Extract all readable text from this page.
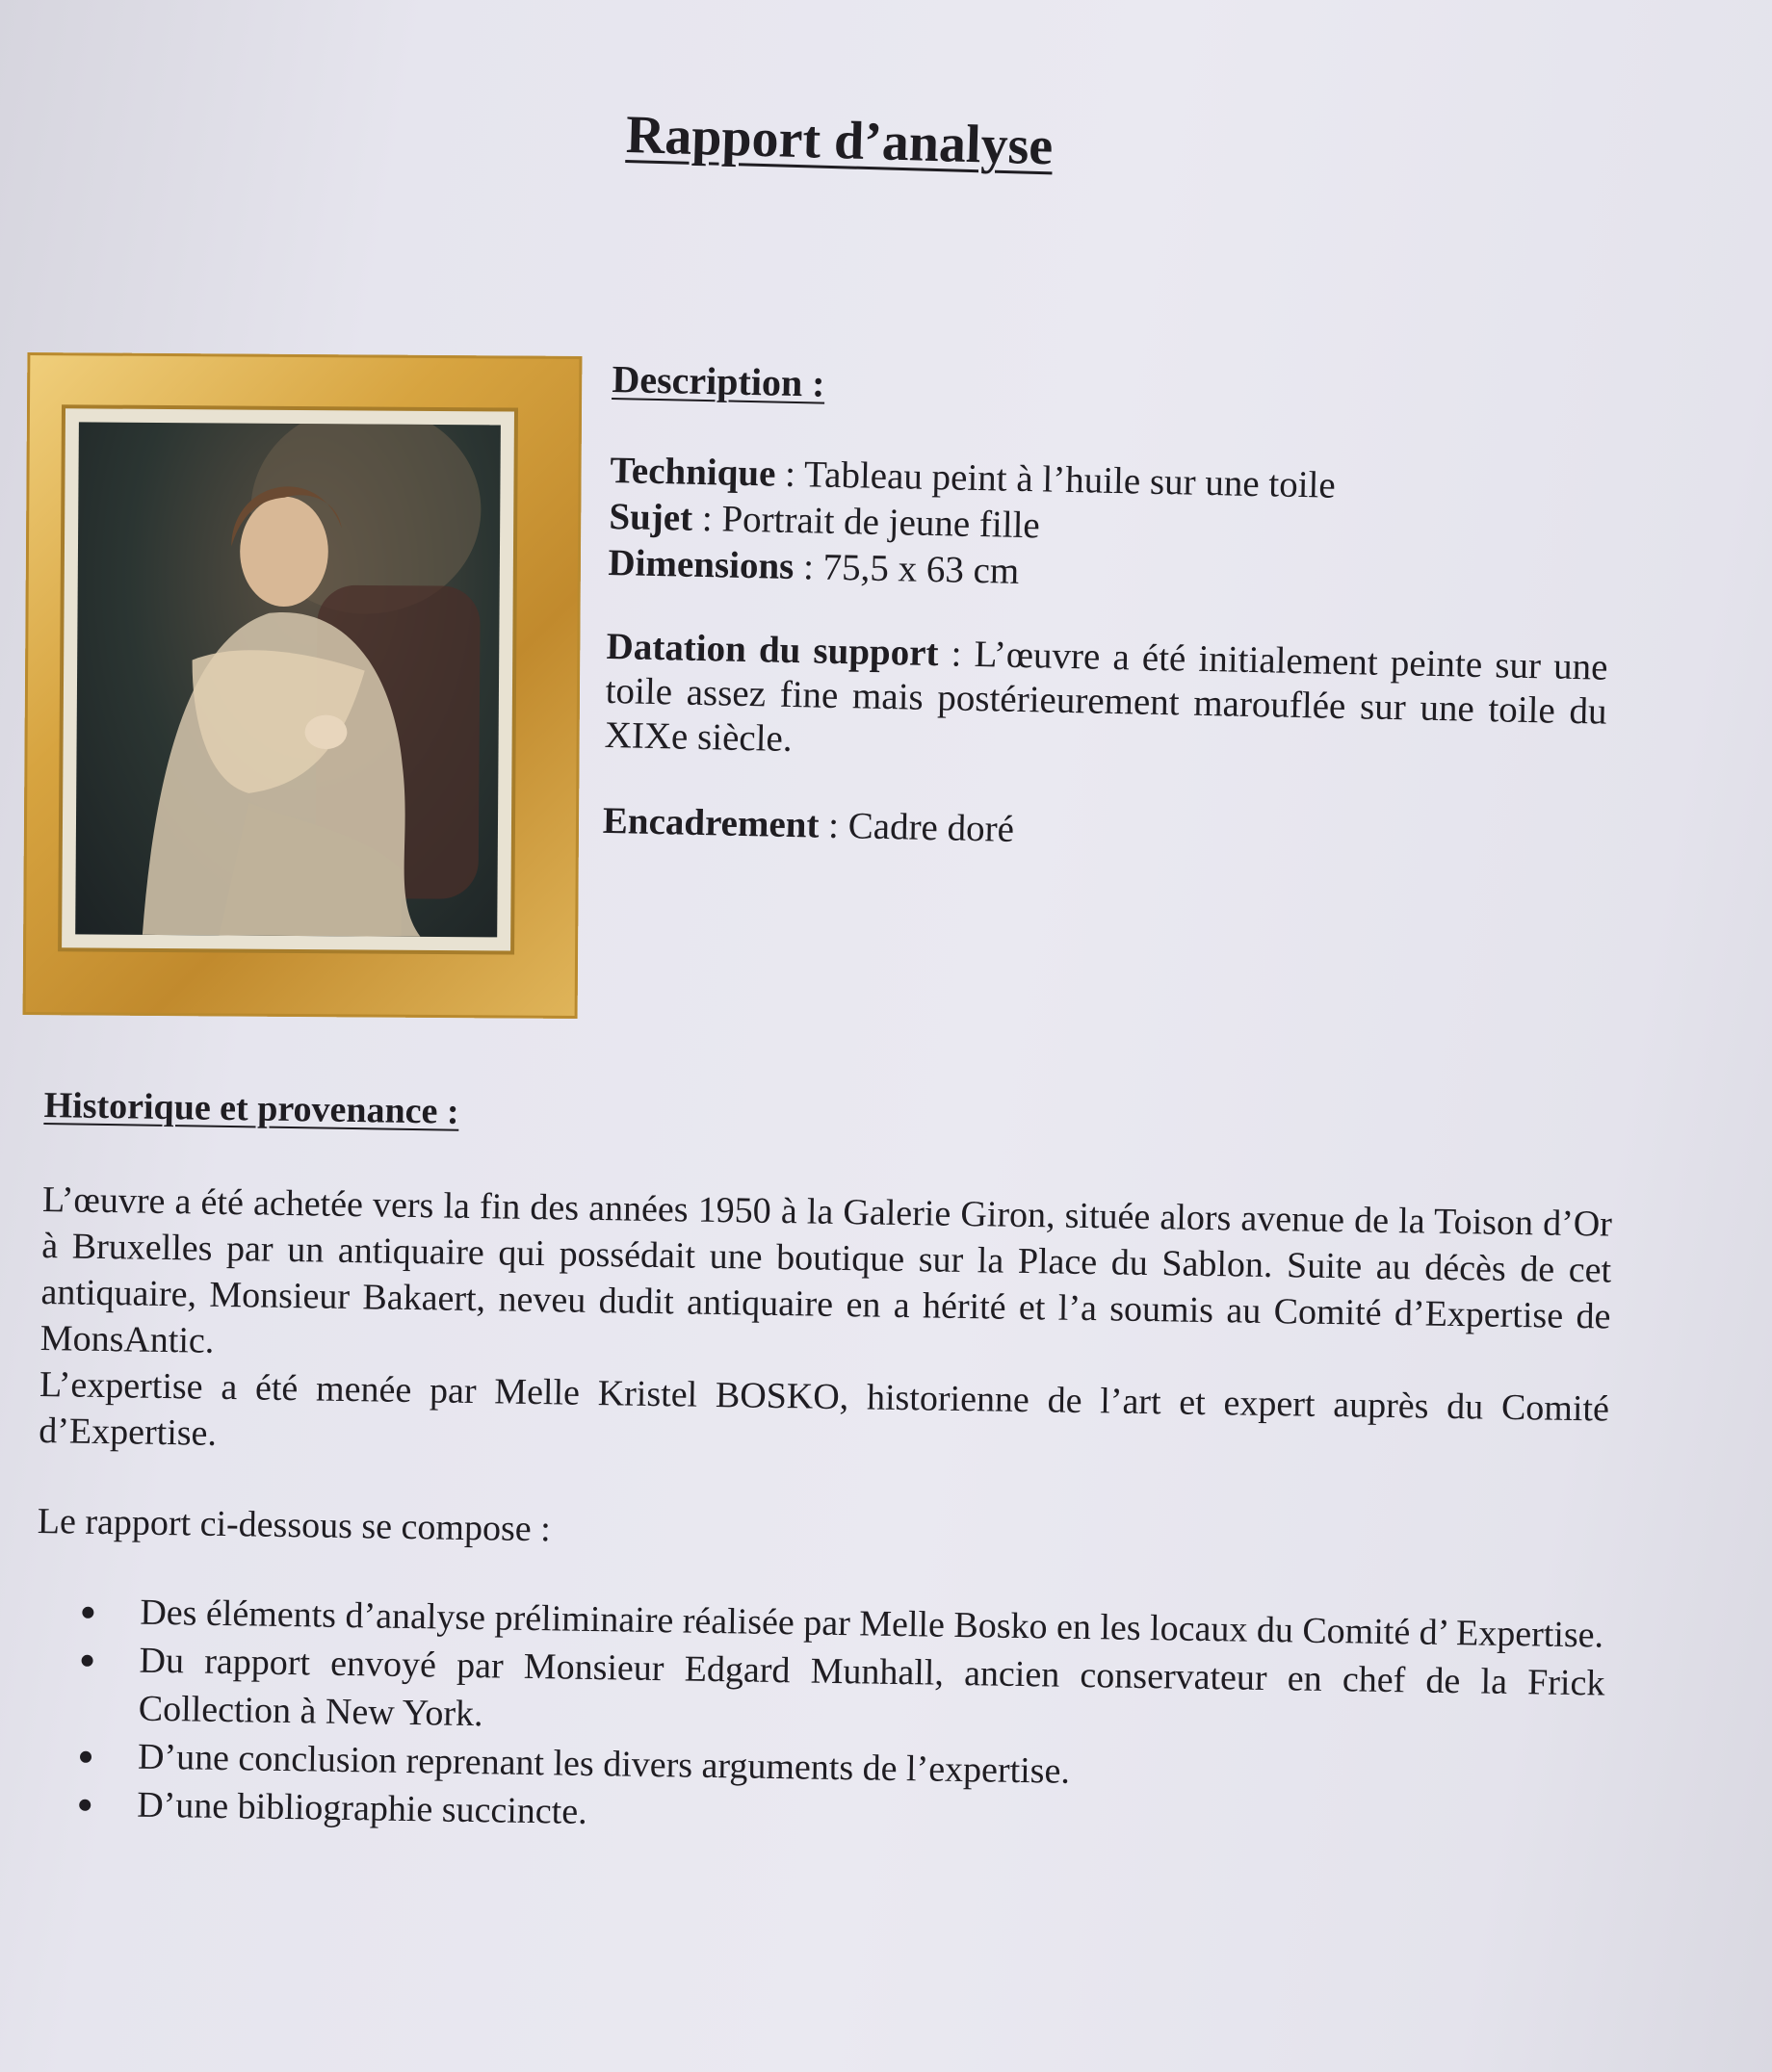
Rapport d’analyse
Description :
Technique : Tableau peint à l’huile sur une toile
Sujet : Portrait de jeune fille
Dimensions : 75,5 x 63 cm

Datation du support : L’œuvre a été initialement peinte sur une toile assez fine mais postérieurement marouflée sur une toile du XIXe siècle.

Encadrement : Cadre doré
Historique et provenance :

L’œuvre a été achetée vers la fin des années 1950 à la Galerie Giron, située alors avenue de la Toison d’Or à Bruxelles par un antiquaire qui possédait une boutique sur la Place du Sablon. Suite au décès de cet antiquaire, Monsieur Bakaert, neveu dudit antiquaire en a hérité et l’a soumis au Comité d’Expertise de MonsAntic.

L’expertise a été menée par Melle Kristel BOSKO, historienne de l’art et expert auprès du Comité d’Expertise.

Le rapport ci-dessous se compose :

Des éléments d’analyse préliminaire réalisée par Melle Bosko en les locaux du Comité d’ Expertise.
Du rapport envoyé par Monsieur Edgard Munhall, ancien conservateur en chef de la Frick Collection à New York.
D’une conclusion reprenant les divers arguments de l’expertise.
D’une bibliographie succincte.
